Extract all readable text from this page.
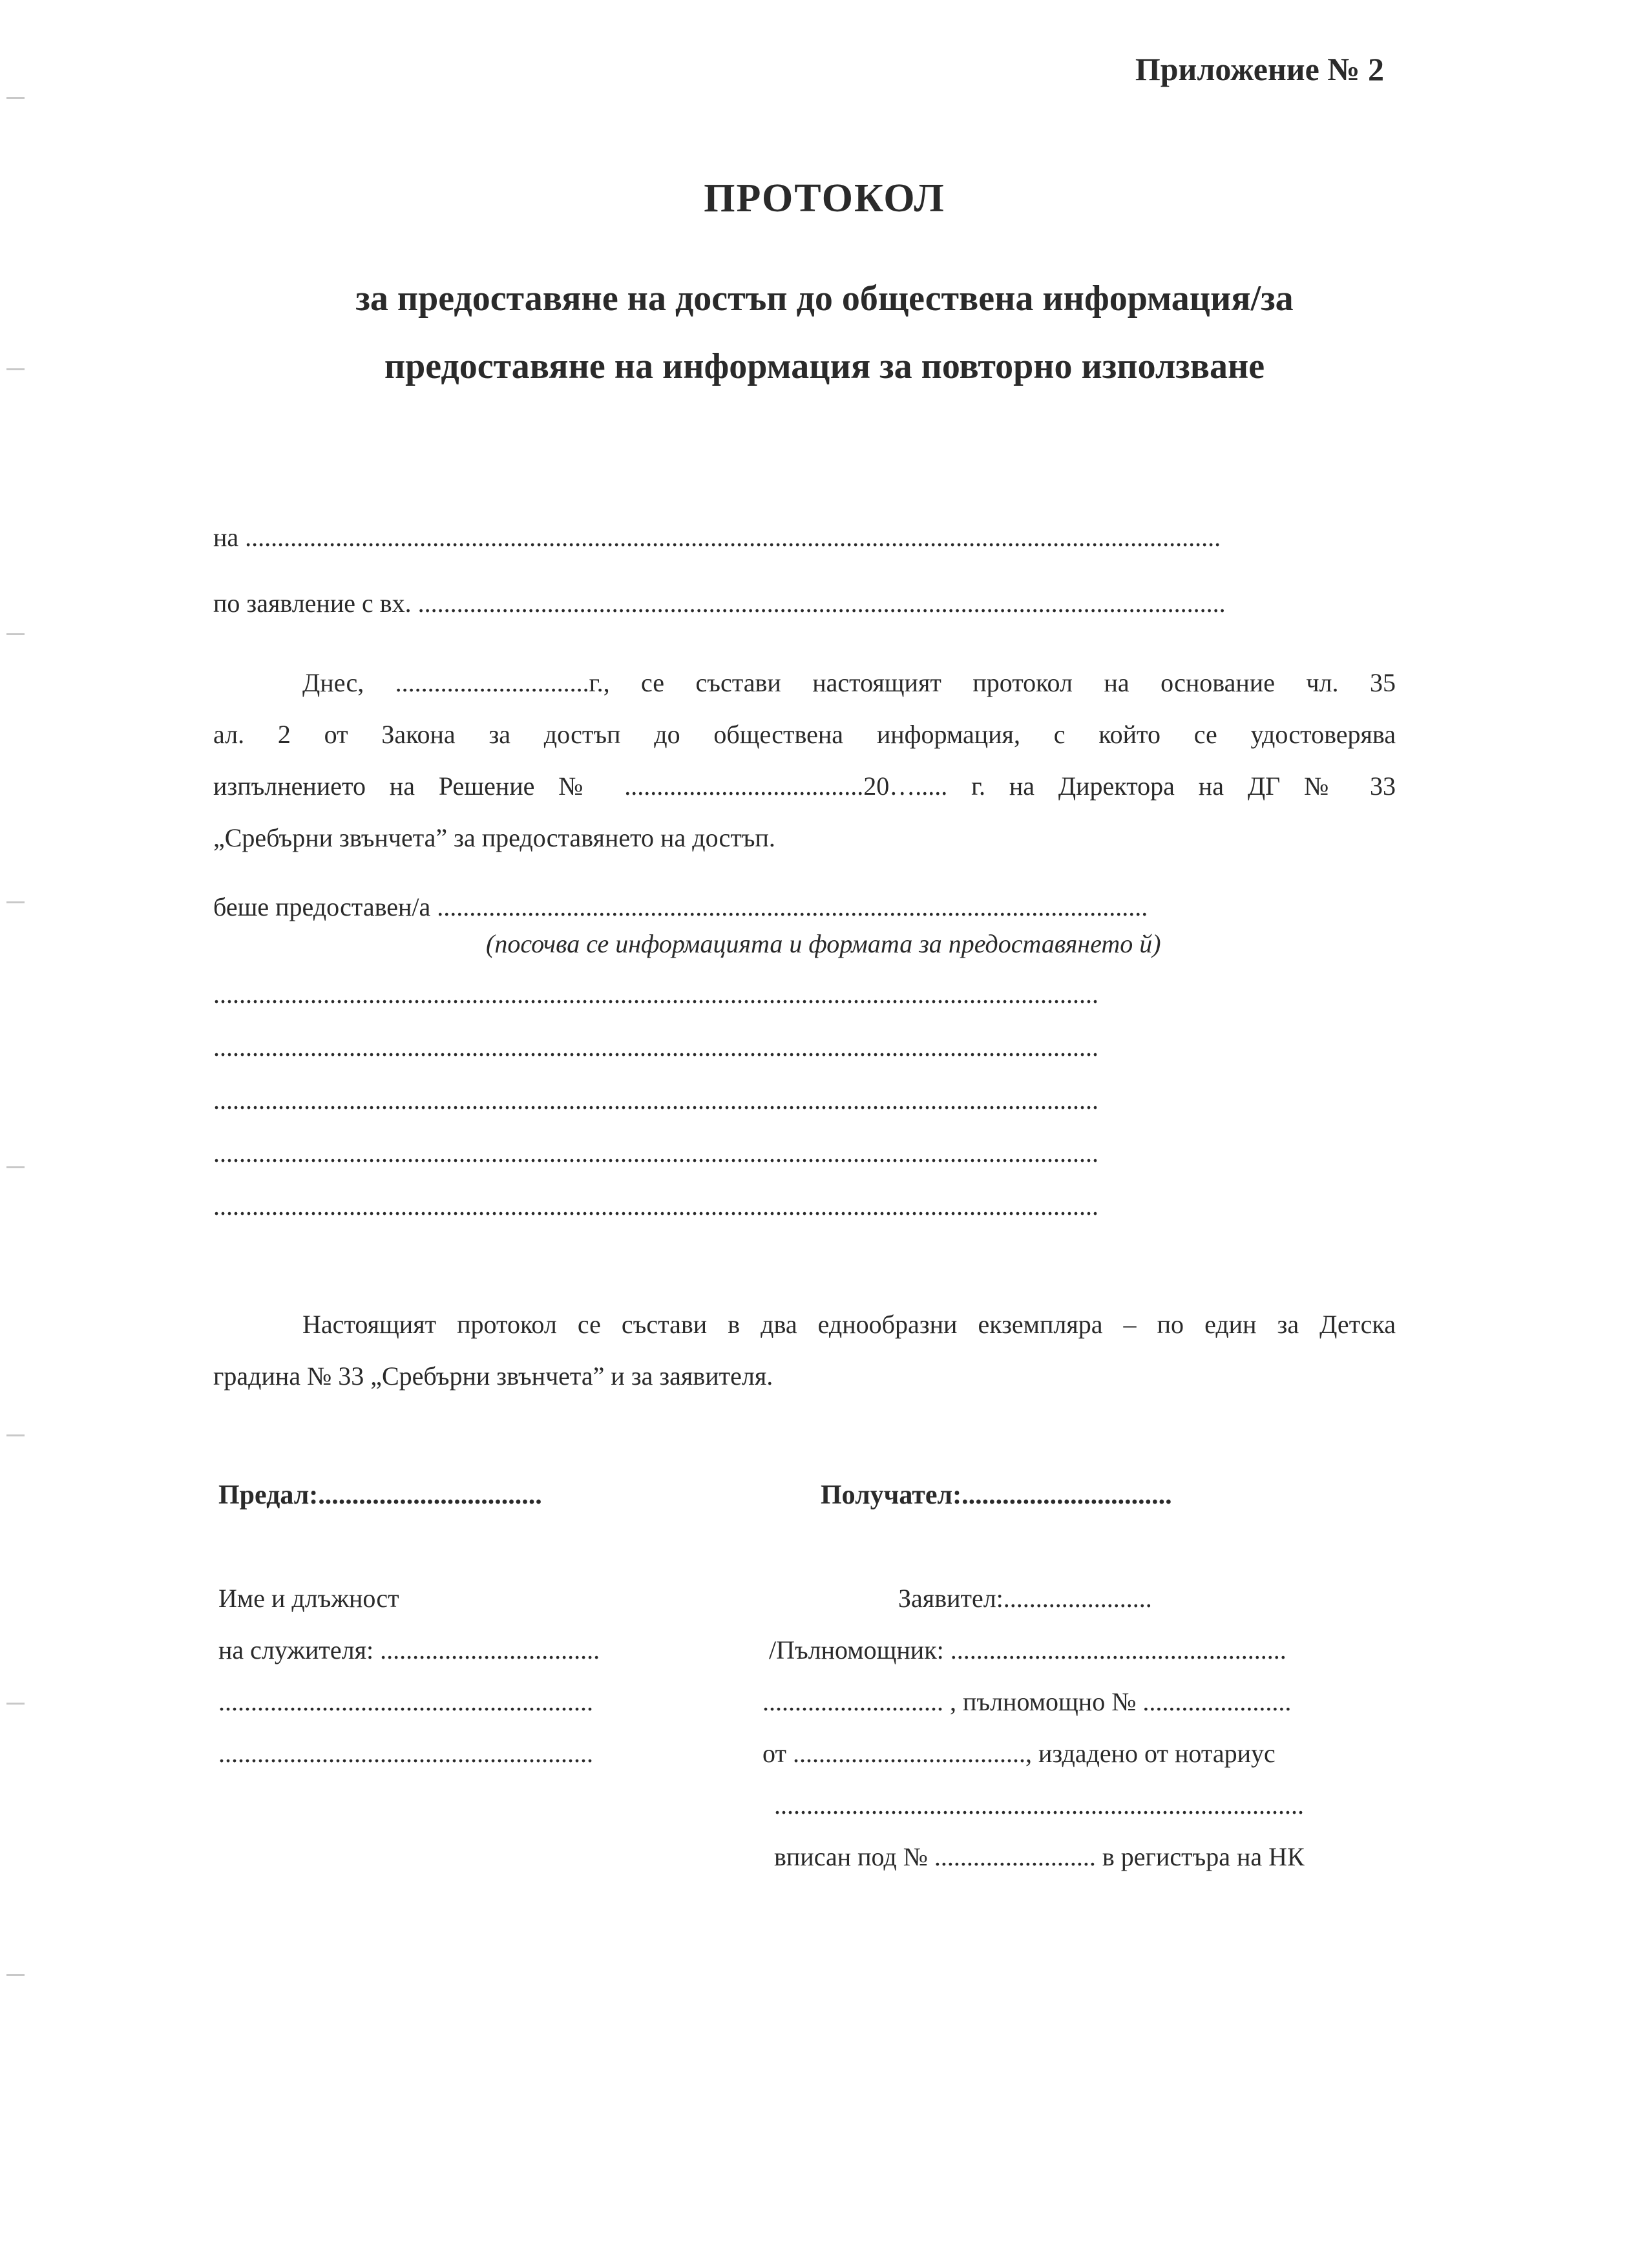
Приложение № 2
ПРОТОКОЛ
за предоставяне на достъп до обществена информация/за
предоставяне на информация за повторно използване
на .......................................................................................................................................................
по заявление с вх. .............................................................................................................................
Днес, ..............................г., се състави настоящият протокол на основание чл. 35
ал. 2 от Закона за достъп до обществена информация, с който се удостоверява
изпълнението на Решение № .....................................20…..... г. на Директора на ДГ № 33
„Сребърни звънчета” за предоставянето на достъп.
беше предоставен/а ..............................................................................................................
(посочва се информацията и формата за предоставянето й)
.........................................................................................................................................
.........................................................................................................................................
.........................................................................................................................................
.........................................................................................................................................
.........................................................................................................................................
Настоящият протокол се състави в два еднообразни екземпляра – по един за Детска
градина № 33 „Сребърни звънчета” и за заявителя.
Предал:.................................	Получател:...............................
Име и длъжност
на служителя: ..................................
..........................................................
..........................................................
Заявител:.......................
/Пълномощник: ....................................................
............................ , пълномощно № .......................
от ...................................., издадено от нотариус
..................................................................................
вписан под № ......................... в регистъра на НК
